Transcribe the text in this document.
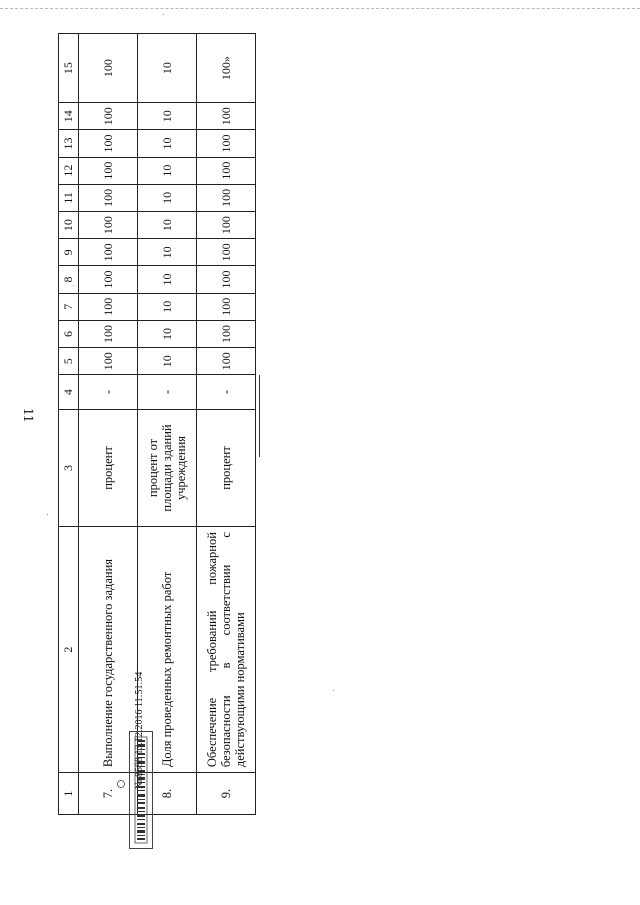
11
1	2	3	4	5	6	7	8	9	10	11	12	13	14	15
7.	Выполнение государственного задания	процент	-	100	100	100	100	100	100	100	100	100	100	100
8.	Доля проведенных ремонтных работ	процент от площади зданий учреждения	-	10	10	10	10	10	10	10	10	10	10	10
9.	Обеспечение требований пожарной безопасности в соответствии с действующими нормативами	процент	-	100	100	100	100	100	100	100	100	100	100	100»
№ 8598 13.12.2016 11:51:54
